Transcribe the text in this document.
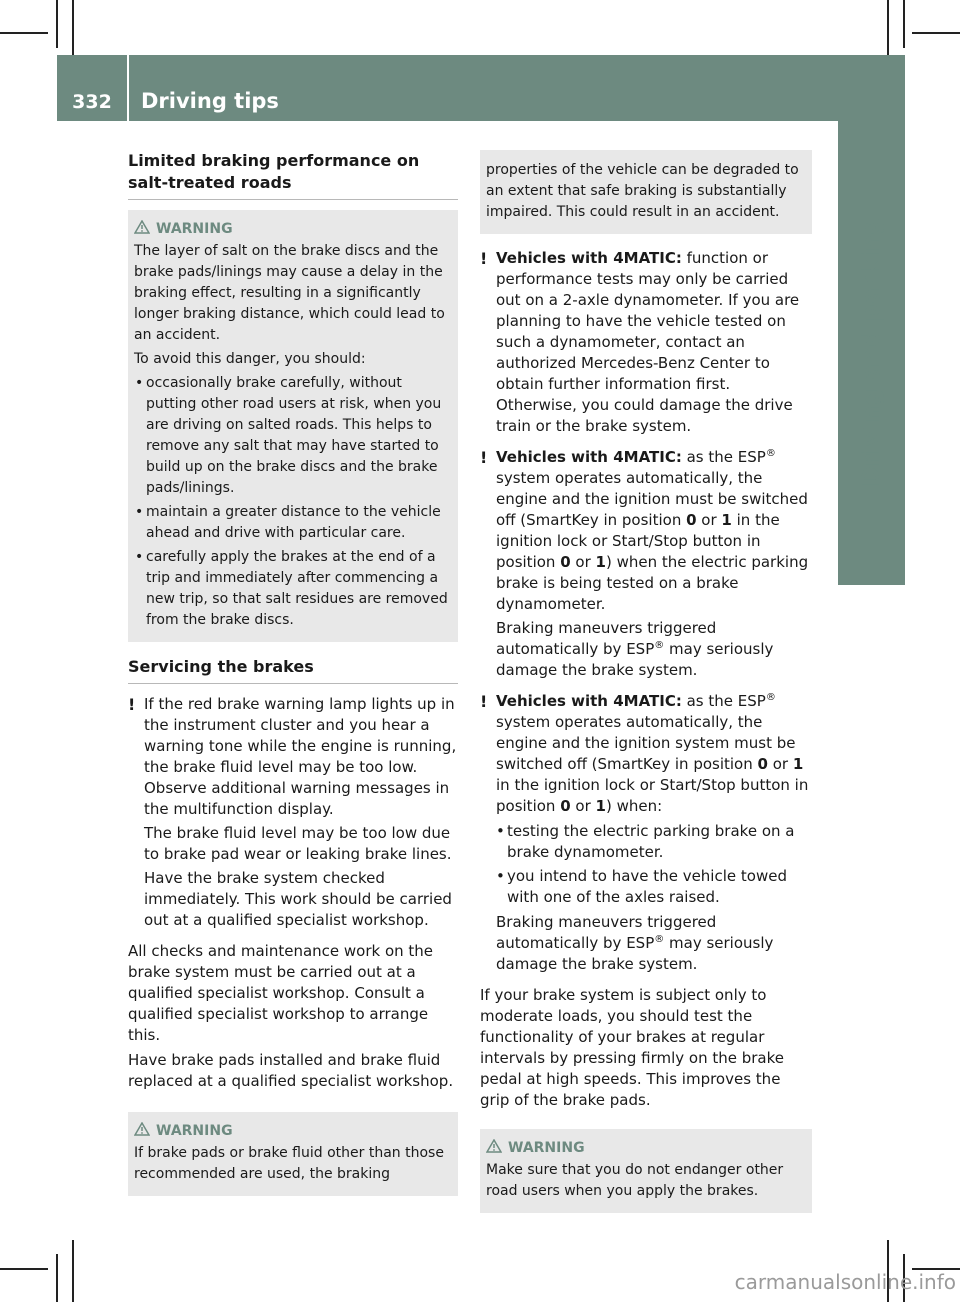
332	Driving tips
Driving and parking
Limited braking performance on salt-treated roads
WARNING

The layer of salt on the brake discs and the brake pads/linings may cause a delay in the braking effect, resulting in a significantly longer braking distance, which could lead to an accident.

To avoid this danger, you should:

• occasionally brake carefully, without putting other road users at risk, when you are driving on salted roads. This helps to remove any salt that may have started to build up on the brake discs and the brake pads/linings.
• maintain a greater distance to the vehicle ahead and drive with particular care.
• carefully apply the brakes at the end of a trip and immediately after commencing a new trip, so that salt residues are removed from the brake discs.
Servicing the brakes
! If the red brake warning lamp lights up in the instrument cluster and you hear a warning tone while the engine is running, the brake fluid level may be too low. Observe additional warning messages in the multifunction display.

The brake fluid level may be too low due to brake pad wear or leaking brake lines.

Have the brake system checked immediately. This work should be carried out at a qualified specialist workshop.

All checks and maintenance work on the brake system must be carried out at a qualified specialist workshop. Consult a qualified specialist workshop to arrange this.

Have brake pads installed and brake fluid replaced at a qualified specialist workshop.

WARNING

If brake pads or brake fluid other than those recommended are used, the braking

properties of the vehicle can be degraded to an extent that safe braking is substantially impaired. This could result in an accident.

! Vehicles with 4MATIC: function or performance tests may only be carried out on a 2-axle dynamometer. If you are planning to have the vehicle tested on such a dynamometer, contact an authorized Mercedes-Benz Center to obtain further information first. Otherwise, you could damage the drive train or the brake system.

! Vehicles with 4MATIC: as the ESP® system operates automatically, the engine and the ignition must be switched off (SmartKey in position 0 or 1 in the ignition lock or Start/Stop button in position 0 or 1) when the electric parking brake is being tested on a brake dynamometer.

Braking maneuvers triggered automatically by ESP® may seriously damage the brake system.

! Vehicles with 4MATIC: as the ESP® system operates automatically, the engine and the ignition system must be switched off (SmartKey in position 0 or 1 in the ignition lock or Start/Stop button in position 0 or 1) when:

• testing the electric parking brake on a brake dynamometer.
• you intend to have the vehicle towed with one of the axles raised.

Braking maneuvers triggered automatically by ESP® may seriously damage the brake system.

If your brake system is subject only to moderate loads, you should test the functionality of your brakes at regular intervals by pressing firmly on the brake pedal at high speeds. This improves the grip of the brake pads.

WARNING

Make sure that you do not endanger other road users when you apply the brakes.

carmanualsonline.info
